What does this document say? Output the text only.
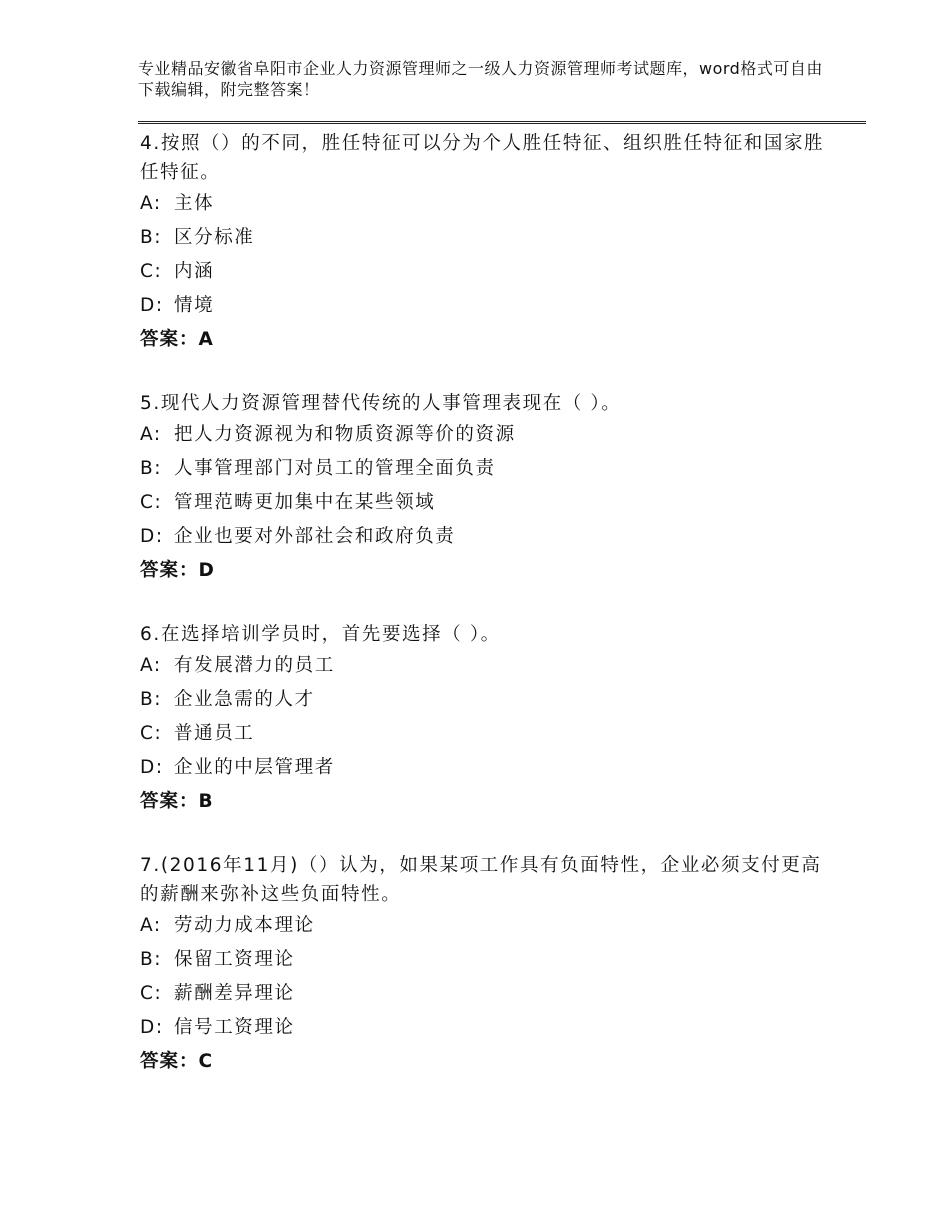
专业精品安徽省阜阳市企业人力资源管理师之一级人力资源管理师考试题库，word格式可自由下载编辑，附完整答案！
4.按照（）的不同，胜任特征可以分为个人胜任特征、组织胜任特征和国家胜任特征。
A: 主体
B: 区分标准
C: 内涵
D: 情境
答案：A
5.现代人力资源管理替代传统的人事管理表现在（ ）。
A: 把人力资源视为和物质资源等价的资源
B: 人事管理部门对员工的管理全面负责
C: 管理范畴更加集中在某些领域
D: 企业也要对外部社会和政府负责
答案：D
6.在选择培训学员时，首先要选择（ ）。
A: 有发展潜力的员工
B: 企业急需的人才
C: 普通员工
D: 企业的中层管理者
答案：B
7.(2016年11月)（）认为，如果某项工作具有负面特性，企业必须支付更高的薪酬来弥补这些负面特性。
A: 劳动力成本理论
B: 保留工资理论
C: 薪酬差异理论
D: 信号工资理论
答案：C
